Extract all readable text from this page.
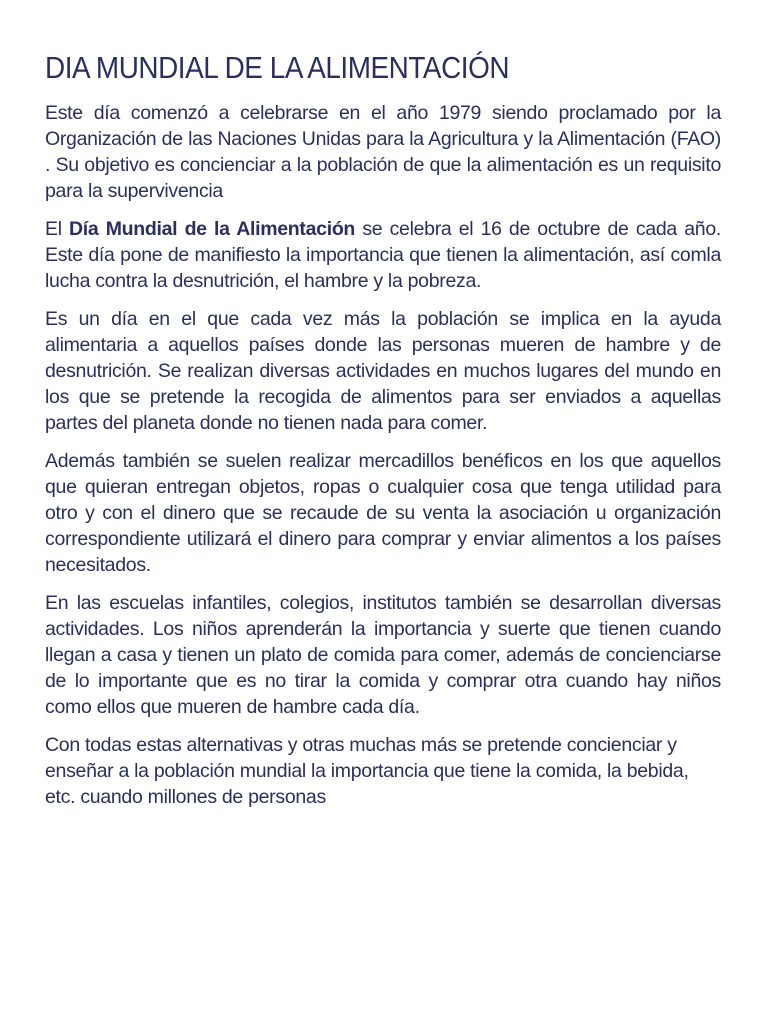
DIA MUNDIAL DE LA ALIMENTACIÓN

Este día comenzó a celebrarse en el año 1979 siendo proclamado por la Organización de las Naciones Unidas para la Agricultura y la Alimentación (FAO) . Su objetivo es concienciar a la población de que la alimentación es un requisito para la supervivencia

El Día Mundial de la Alimentación se celebra el 16 de octubre de cada año. Este día pone de manifiesto la importancia que tienen la alimentación, así comla lucha contra la desnutrición, el hambre y la pobreza.

Es un día en el que cada vez más la población se implica en la ayuda alimentaria a aquellos países donde las personas mueren de hambre y de desnutrición. Se realizan diversas actividades en muchos lugares del mundo en los que se pretende la recogida de alimentos para ser enviados a aquellas partes del planeta donde no tienen nada para comer.

Además también se suelen realizar mercadillos benéficos en los que aquellos que quieran entregan objetos, ropas o cualquier cosa que tenga utilidad para otro y con el dinero que se recaude de su venta la asociación u organización correspondiente utilizará el dinero para comprar y enviar alimentos a los países necesitados.

En las escuelas infantiles, colegios, institutos también se desarrollan diversas actividades. Los niños aprenderán la importancia y suerte que tienen cuando llegan a casa y tienen un plato de comida para comer, además de concienciarse de lo importante que es no tirar la comida y comprar otra cuando hay niños como ellos que mueren de hambre cada día.

Con todas estas alternativas y otras muchas más se pretende concienciar y enseñar a la población mundial la importancia que tiene la comida, la bebida, etc. cuando millones de personas
